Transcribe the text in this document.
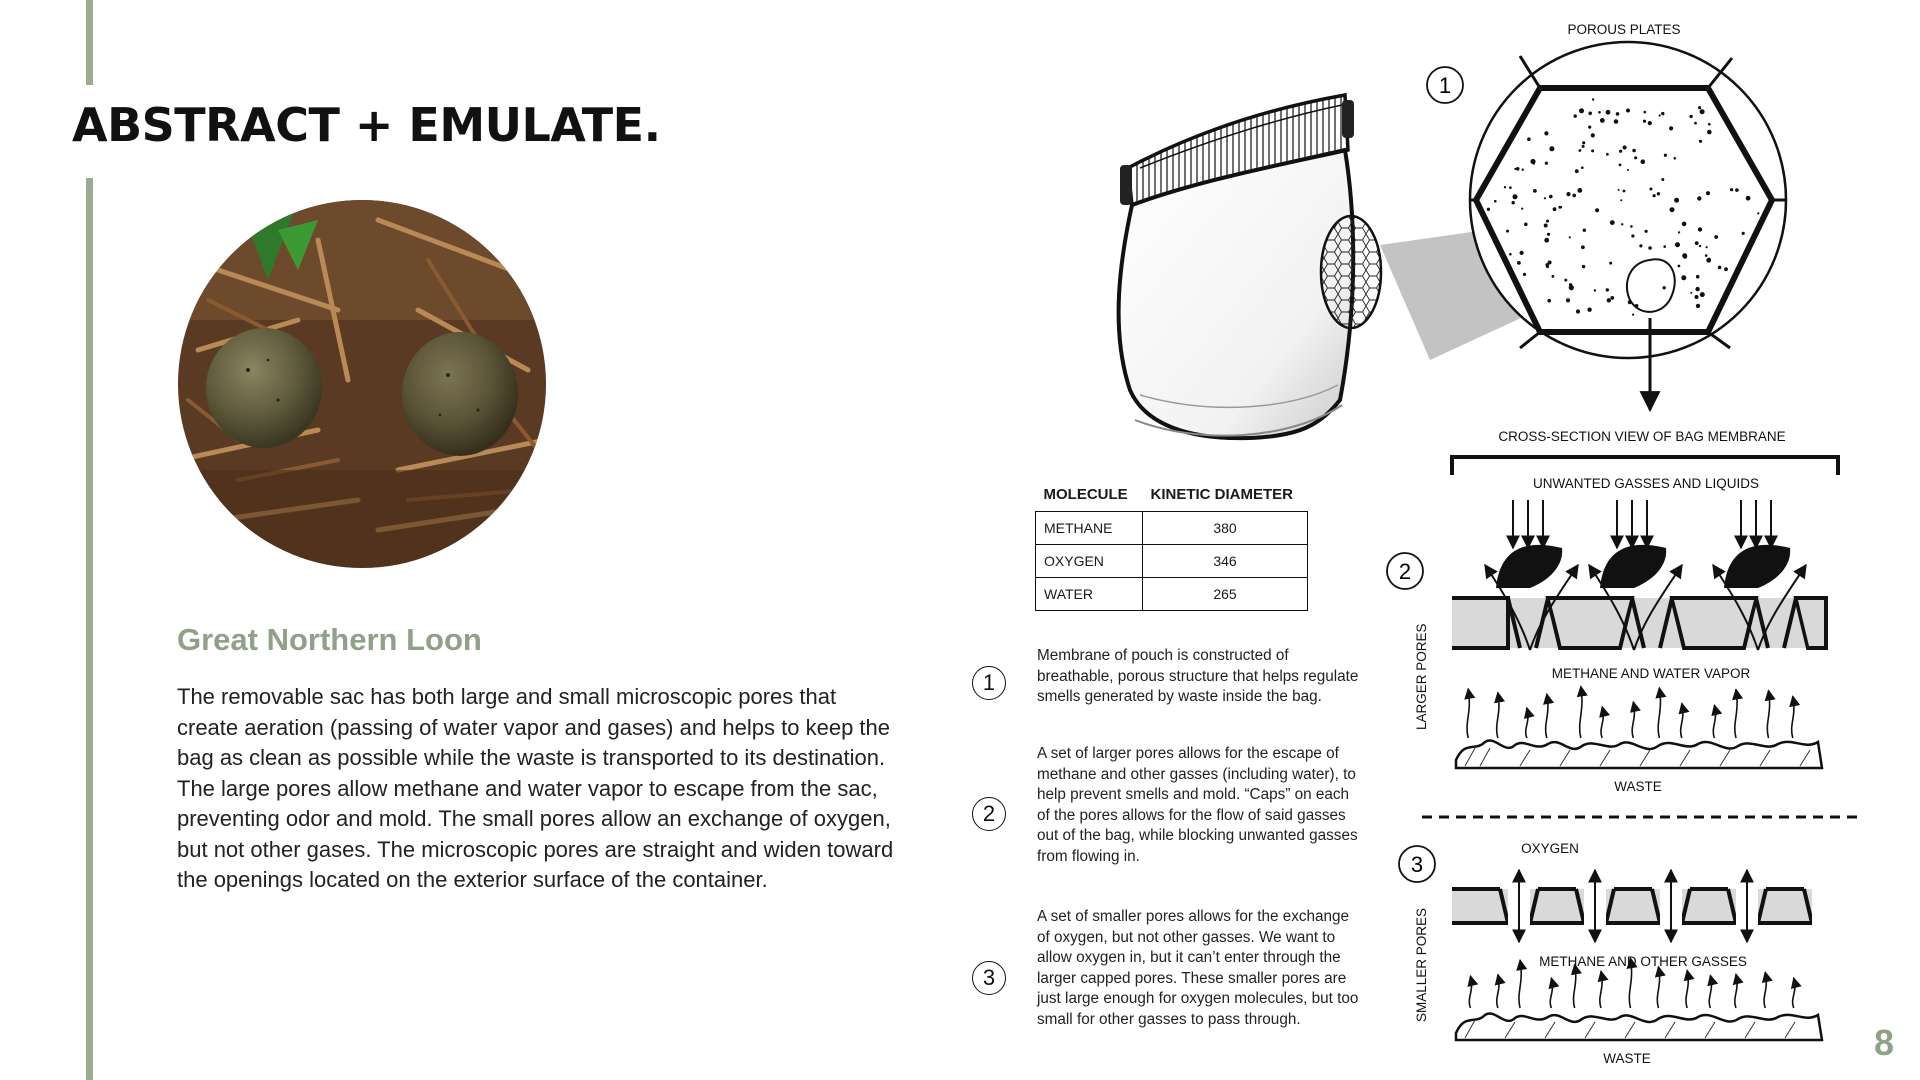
ABSTRACT + EMULATE.
Great Northern Loon

The removable sac has both large and small microscopic pores that create aeration (passing of water vapor and gases) and helps to keep the bag as clean as possible while the waste is transported to its destination. The large pores allow methane and water vapor to escape from the sac, preventing odor and mold. The small pores allow an exchange of oxygen, but not other gases. The microscopic pores are straight and widen toward the openings located on the exterior surface of the container.

POROUS PLATES
CROSS-SECTION VIEW OF BAG MEMBRANE
UNWANTED GASSES AND LIQUIDS
METHANE AND WATER VAPOR
WASTE
LARGER PORES
OXYGEN
METHANE AND OTHER GASSES
WASTE
SMALLER PORES
1
2
3
MOLECULE	KINETIC DIAMETER
METHANE	380
OXYGEN	346
WATER	265
1

Membrane of pouch is constructed of breathable, porous structure that helps regulate smells generated by waste inside the bag.

2

A set of larger pores allows for the escape of methane and other gasses (including water), to help prevent smells and mold. “Caps” on each of the pores allows for the flow of said gasses out of the bag, while blocking unwanted gasses from flowing in.

3

A set of smaller pores allows for the exchange of oxygen, but not other gasses. We want to allow oxygen in, but it can’t enter through the larger capped pores. These smaller pores are just large enough for oxygen molecules, but too small for other gasses to pass through.

8
